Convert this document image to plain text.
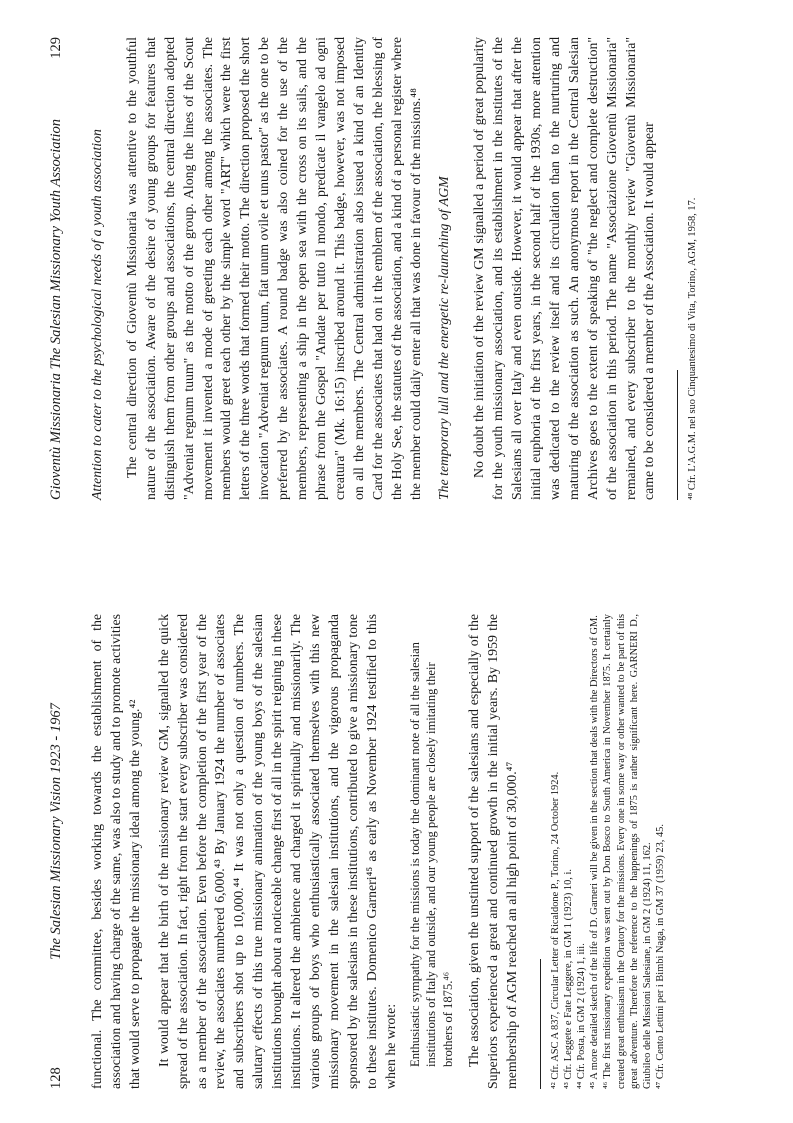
128
The Salesian Missionary Vision 1923 - 1967 functional. The committee, besides working towards the establishment of the association and having charge of the same, was also to study and to promote activities that would serve to propagate the missionary ideal among the young.⁴² It would appear that the birth of the missionary review GM, signalled the quick spread of the association. In fact, right from the start every subscriber was considered as a member of the association. Even before the completion of the first year of the review, the associates numbered 6,000.⁴³ By January 1924 the number of associates and subscribers shot up to 10,000.⁴⁴ It was not only a question of numbers. The salutary effects of this true missionary animation of the young boys of the salesian institutions brought about a noticeable change first of all in the spirit reigning in these institutions. It altered the ambience and charged it spiritually and missionarily. The various groups of boys who enthusiastically associated themselves with this new missionary movement in the salesian institutions, and the vigorous propaganda sponsored by the salesians in these institutions, contributed to give a missionary tone to these institutes. Domenico Garneri⁴⁵ as early as November 1924 testified to this when he wrote: Enthusiastic sympathy for the missions is today the dominant note of all the salesian institutions of Italy and outside, and our young people are closely imitating their brothers of 1875.⁴⁶ The association, given the unstinted support of the salesians and especially of the Superiors experienced a great and continued growth in the initial years. By 1959 the membership of AGM reached an all high point of 30,000.⁴⁷	⁴² Cfr. ASC A 837, Circular Letter of Ricaldone P., Torino, 24 October 1924. ⁴³ Cfr. Leggete e Fate Leggere, in GM 1 (1923) 10, i. ⁴⁴ Cfr. Posta, in GM 2 (1924) 1, iii. ⁴⁵ A more detailed sketch of the life of D. Garneri will be given in the section that deals with the Directors of GM. ⁴⁶ The first missionary expedition was sent out by Don Bosco to South America in November 1875. It certainly created great enthusiasm in the Oratory for the missions. Every one in some way or other wanted to be part of this great adventure. Therefore the reference to the happenings of 1875 is rather significant here. GARNERI D., Giubileo delle Missioni Salesiane, in GM 2 (1924) 11, 162. ⁴⁷ Cfr. Cento Lettini per i Bimbi Naga, in GM 37 (1959) 23, 45.

Gioventù Missionaria The Salesian Missionary Youth Association
129
Attention to cater to the psychological needs of a youth association The central direction of Gioventù Missionaria was attentive to the youthful nature of the association. Aware of the desire of young groups for features that distinguish them from other groups and associations, the central direction adopted "Adveniat regnum tuum" as the motto of the group. Along the lines of the Scout movement it invented a mode of greeting each other among the associates. The members would greet each other by the simple word "ART" which were the first letters of the three words that formed their motto. The direction proposed the short invocation "Adveniat regnum tuum, fiat unum ovile et unus pastor" as the one to be preferred by the associates. A round badge was also coined for the use of the members, representing a ship in the open sea with the cross on its sails, and the phrase from the Gospel "Andate per tutto il mondo, predicate il vangelo ad ogni creatura" (Mk. 16:15) inscribed around it. This badge, however, was not imposed on all the members. The Central administration also issued a kind of an Identity Card for the associates that had on it the emblem of the association, the blessing of the Holy See, the statutes of the association, and a kind of a personal register where the member could daily enter all that was done in favour of the missions.⁴⁸ The temporary lull and the energetic re-launching of AGM No doubt the initiation of the review GM signalled a period of great popularity for the youth missionary association, and its establishment in the institutes of the Salesians all over Italy and even outside. However, it would appear that after the initial euphoria of the first years, in the second half of the 1930s, more attention was dedicated to the review itself and its circulation than to the nurturing and maturing of the association as such. An anonymous report in the Central Salesian Archives goes to the extent of speaking of "the neglect and complete destruction" of the association in this period. The name "Associazione Gioventù Missionaria" remained, and every subscriber to the monthly review "Gioventù Missionaria" came to be considered a member of the Association. It would appear	⁴⁸ Cfr. L'A.G.M. nel suo Cinquantesimo di Vita, Torino, AGM, 1958, 17.
